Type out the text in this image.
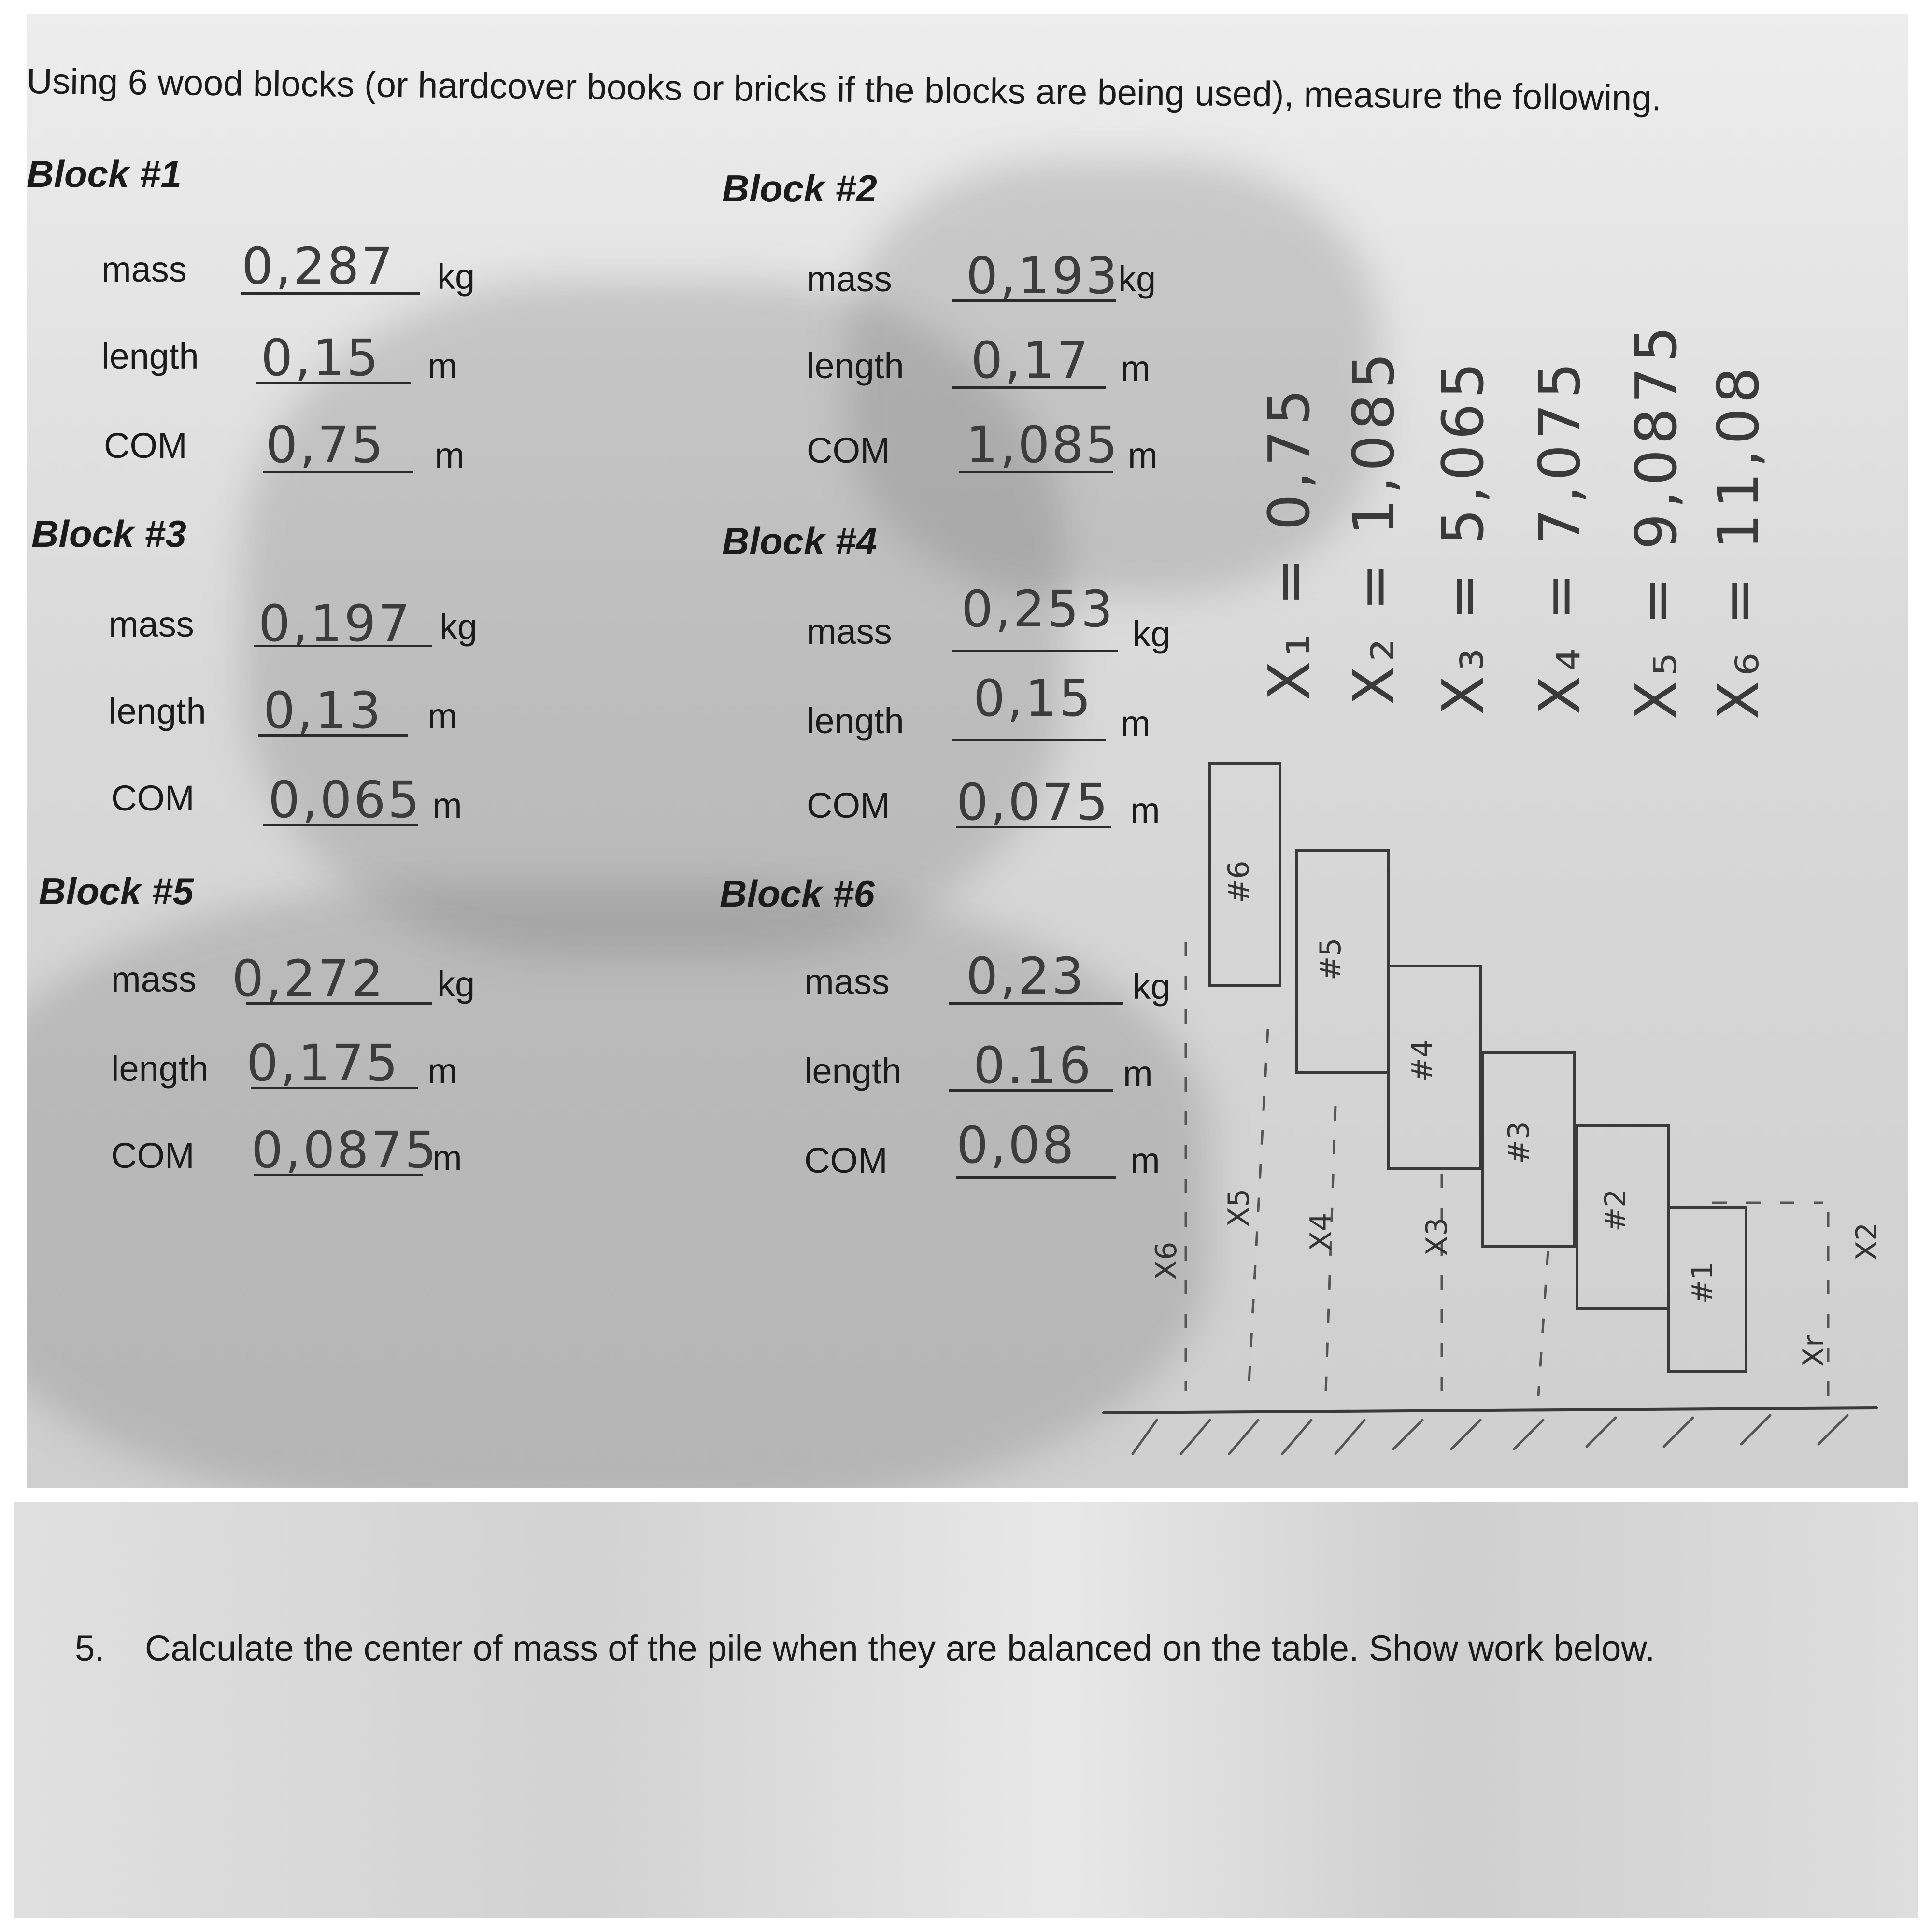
Using 6 wood blocks (or hardcover books or bricks if the blocks are being used), measure the following.
Block #1
mass 0,287 kg
length 0,15 m
COM 0,75 m
Block #2
mass 0,193
kg
length 0,17 m
COM 1,085 m
Block #3
mass 0,197 kg
length 0,13 m
COM 0,065 m
Block #4
mass 0,253 kg
length 0,15 m
COM 0,075 m
Block #5
mass 0,272 kg
length 0,175 m
COM 0,0875
m
Block #6
mass 0,23 kg
length 0.16 m
COM 0,08 m
X₁ = 0,75 X₂ = 1,085 X₃ = 5,065 X₄ = 7,075 X₅ = 9,0875 X₆ = 11,08
#6
#5
#4
#3
#2
#1
X6
X5
X4	X3	X2
Xr
5. Calculate the center of mass of the pile when they are balanced on the table. Show work below.
